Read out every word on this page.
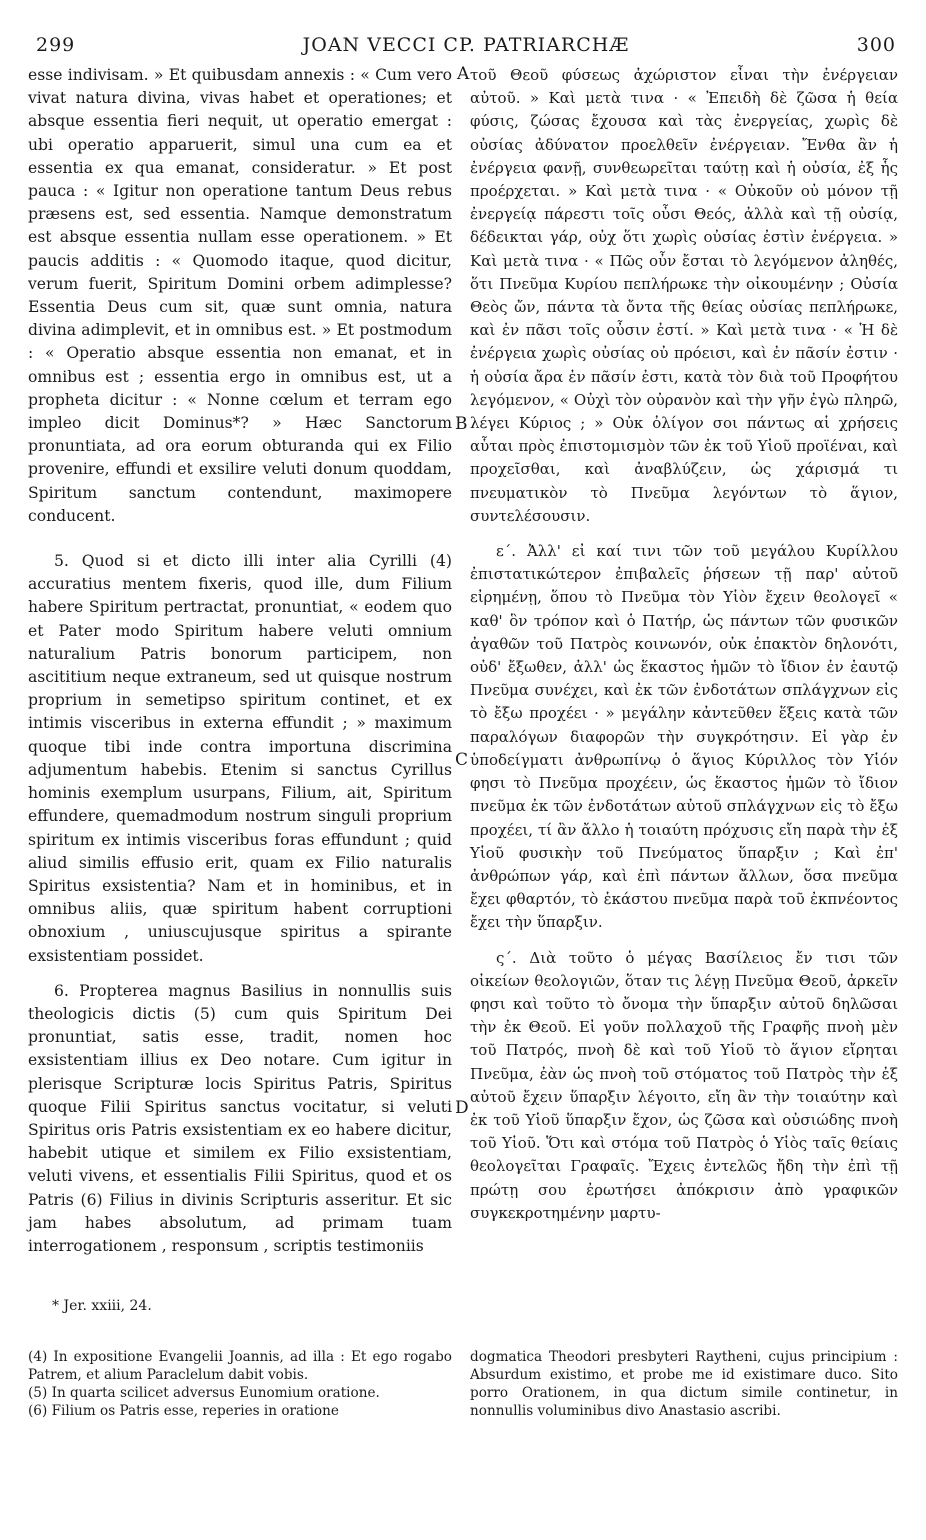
299	JOAN VECCI CP. PATRIARCHÆ	300

esse indivisam. » Et quibusdam annexis : « Cum vero vivat natura divina, vivas habet et operationes; et absque essentia fieri nequit, ut operatio emergat : ubi operatio apparuerit, simul una cum ea et essentia ex qua emanat, consideratur. » Et post pauca : « Igitur non operatione tantum Deus rebus præsens est, sed essentia. Namque demonstratum est absque essentia nullam esse operationem. » Et paucis additis : « Quomodo itaque, quod dicitur, verum fuerit, Spiritum Domini orbem adimplesse? Essentia Deus cum sit, quæ sunt omnia, natura divina adimplevit, et in omnibus est. » Et postmodum : « Operatio absque essentia non emanat, et in omnibus est ; essentia ergo in omnibus est, ut a propheta dicitur : « Nonne cœlum et terram ego impleo dicit Dominus*? » Hæc Sanctorum pronuntiata, ad ora eorum obturanda qui ex Filio provenire, effundi et exsilire veluti donum quoddam, Spiritum sanctum contendunt, maximopere conducent.

5. Quod si et dicto illi inter alia Cyrilli (4) accuratius mentem fixeris, quod ille, dum Filium habere Spiritum pertractat, pronuntiat, « eodem quo et Pater modo Spiritum habere veluti omnium naturalium Patris bonorum participem, non ascititium neque extraneum, sed ut quisque nostrum proprium in semetipso spiritum continet, et ex intimis visceribus in externa effundit ; » maximum quoque tibi inde contra importuna discrimina adjumentum habebis. Etenim si sanctus Cyrillus hominis exemplum usurpans, Filium, ait, Spiritum effundere, quemadmodum nostrum singuli proprium spiritum ex intimis visceribus foras effundunt ; quid aliud similis effusio erit, quam ex Filio naturalis Spiritus exsistentia? Nam et in hominibus, et in omnibus aliis, quæ spiritum habent corruptioni obnoxium , uniuscujusque spiritus a spirante exsistentiam possidet.

6. Propterea magnus Basilius in nonnullis suis theologicis dictis (5) cum quis Spiritum Dei pronuntiat, satis esse, tradit, nomen hoc exsistentiam illius ex Deo notare. Cum igitur in plerisque Scripturæ locis Spiritus Patris, Spiritus quoque Filii Spiritus sanctus vocitatur, si veluti Spiritus oris Patris exsistentiam ex eo habere dicitur, habebit utique et similem ex Filio exsistentiam, veluti vivens, et essentialis Filii Spiritus, quod et os Patris (6) Filius in divinis Scripturis asseritur. Et sic jam habes absolutum, ad primam tuam interrogationem , responsum , scriptis testimoniis

A
B
C
D

τοῦ Θεοῦ φύσεως ἀχώριστον εἶναι τὴν ἐνέργειαν αὐτοῦ. » Καὶ μετὰ τινα · « Ἐπειδὴ δὲ ζῶσα ἡ θεία φύσις, ζώσας ἔχουσα καὶ τὰς ἐνεργείας, χωρὶς δὲ οὐσίας ἀδύνατον προελθεῖν ἐνέργειαν. Ἔνθα ἂν ἡ ἐνέργεια φανῇ, συνθεωρεῖται ταύτῃ καὶ ἡ οὐσία, ἐξ ἧς προέρχεται. » Καὶ μετὰ τινα · « Οὐκοῦν οὐ μόνον τῇ ἐνεργείᾳ πάρεστι τοῖς οὖσι Θεός, ἀλλὰ καὶ τῇ οὐσίᾳ, δέδεικται γάρ, οὐχ ὅτι χωρὶς οὐσίας ἐστὶν ἐνέργεια. » Καὶ μετὰ τινα · « Πῶς οὖν ἔσται τὸ λεγόμενον ἀληθές, ὅτι Πνεῦμα Κυρίου πεπλήρωκε τὴν οἰκουμένην ; Οὐσία Θεὸς ὤν, πάντα τὰ ὄντα τῆς θείας οὐσίας πεπλήρωκε, καὶ ἐν πᾶσι τοῖς οὖσιν ἐστί. » Καὶ μετὰ τινα · « Ἡ δὲ ἐνέργεια χωρὶς οὐσίας οὐ πρόεισι, καὶ ἐν πᾶσίν ἐστιν · ἡ οὐσία ἄρα ἐν πᾶσίν ἐστι, κατὰ τὸν διὰ τοῦ Προφήτου λεγόμενον, « Οὐχὶ τὸν οὐρανὸν καὶ τὴν γῆν ἐγὼ πληρῶ, λέγει Κύριος ; » Οὐκ ὀλίγον σοι πάντως αἱ χρήσεις αὗται πρὸς ἐπιστομισμὸν τῶν ἐκ τοῦ Υἱοῦ προϊέναι, καὶ προχεῖσθαι, καὶ ἀναβλύζειν, ὡς χάρισμά τι πνευματικὸν τὸ Πνεῦμα λεγόντων τὸ ἅγιον, συντελέσουσιν.

ε΄. Ἀλλ' εἰ καί τινι τῶν τοῦ μεγάλου Κυρίλλου ἐπιστατικώτερον ἐπιβαλεῖς ῥήσεων τῇ παρ' αὐτοῦ εἰρημένῃ, ὅπου τὸ Πνεῦμα τὸν Υἱὸν ἔχειν θεολογεῖ « καθ' ὃν τρόπον καὶ ὁ Πατήρ, ὡς πάντων τῶν φυσικῶν ἀγαθῶν τοῦ Πατρὸς κοινωνόν, οὐκ ἐπακτὸν δηλονότι, οὐδ' ἔξωθεν, ἀλλ' ὡς ἕκαστος ἡμῶν τὸ ἴδιον ἐν ἑαυτῷ Πνεῦμα συνέχει, καὶ ἐκ τῶν ἐνδοτάτων σπλάγχνων εἰς τὸ ἔξω προχέει · » μεγάλην κἀντεῦθεν ἕξεις κατὰ τῶν παραλόγων διαφορῶν τὴν συγκρότησιν. Εἰ γὰρ ἐν ὑποδείγματι ἀνθρωπίνῳ ὁ ἅγιος Κύριλλος τὸν Υἱόν φησι τὸ Πνεῦμα προχέειν, ὡς ἕκαστος ἡμῶν τὸ ἴδιον πνεῦμα ἐκ τῶν ἐνδοτάτων αὐτοῦ σπλάγχνων εἰς τὸ ἔξω προχέει, τί ἂν ἄλλο ἡ τοιαύτη πρόχυσις εἴη παρὰ τὴν ἐξ Υἱοῦ φυσικὴν τοῦ Πνεύματος ὕπαρξιν ; Καὶ ἐπ' ἀνθρώπων γάρ, καὶ ἐπὶ πάντων ἄλλων, ὅσα πνεῦμα ἔχει φθαρτόν, τὸ ἑκάστου πνεῦμα παρὰ τοῦ ἐκπνέοντος ἔχει τὴν ὕπαρξιν.

ς΄. Διὰ τοῦτο ὁ μέγας Βασίλειος ἔν τισι τῶν οἰκείων θεολογιῶν, ὅταν τις λέγῃ Πνεῦμα Θεοῦ, ἀρκεῖν φησι καὶ τοῦτο τὸ ὄνομα τὴν ὕπαρξιν αὐτοῦ δηλῶσαι τὴν ἐκ Θεοῦ. Εἰ γοῦν πολλαχοῦ τῆς Γραφῆς πνοὴ μὲν τοῦ Πατρός, πνοὴ δὲ καὶ τοῦ Υἱοῦ τὸ ἅγιον εἴρηται Πνεῦμα, ἐὰν ὡς πνοὴ τοῦ στόματος τοῦ Πατρὸς τὴν ἐξ αὐτοῦ ἔχειν ὕπαρξιν λέγοιτο, εἴη ἂν τὴν τοιαύτην καὶ ἐκ τοῦ Υἱοῦ ὕπαρξιν ἔχον, ὡς ζῶσα καὶ οὐσιώδης πνοὴ τοῦ Υἱοῦ. Ὅτι καὶ στόμα τοῦ Πατρὸς ὁ Υἱὸς ταῖς θείαις θεολογεῖται Γραφαῖς. Ἔχεις ἐντελῶς ἤδη τὴν ἐπὶ τῇ πρώτῃ σου ἐρωτήσει ἀπόκρισιν ἀπὸ γραφικῶν συγκεκροτημένην μαρτυ-

* Jer. xxiii, 24.

(4) In expositione Evangelii Joannis, ad illa : Et ego rogabo Patrem, et alium Paraclelum dabit vobis.

(5) In quarta scilicet adversus Eunomium oratione.

(6) Filium os Patris esse, reperies in oratione

dogmatica Theodori presbyteri Raytheni, cujus principium : Absurdum existimo, et probe me id existimare duco. Sito porro Orationem, in qua dictum simile continetur, in nonnullis voluminibus divo Anastasio ascribi.
